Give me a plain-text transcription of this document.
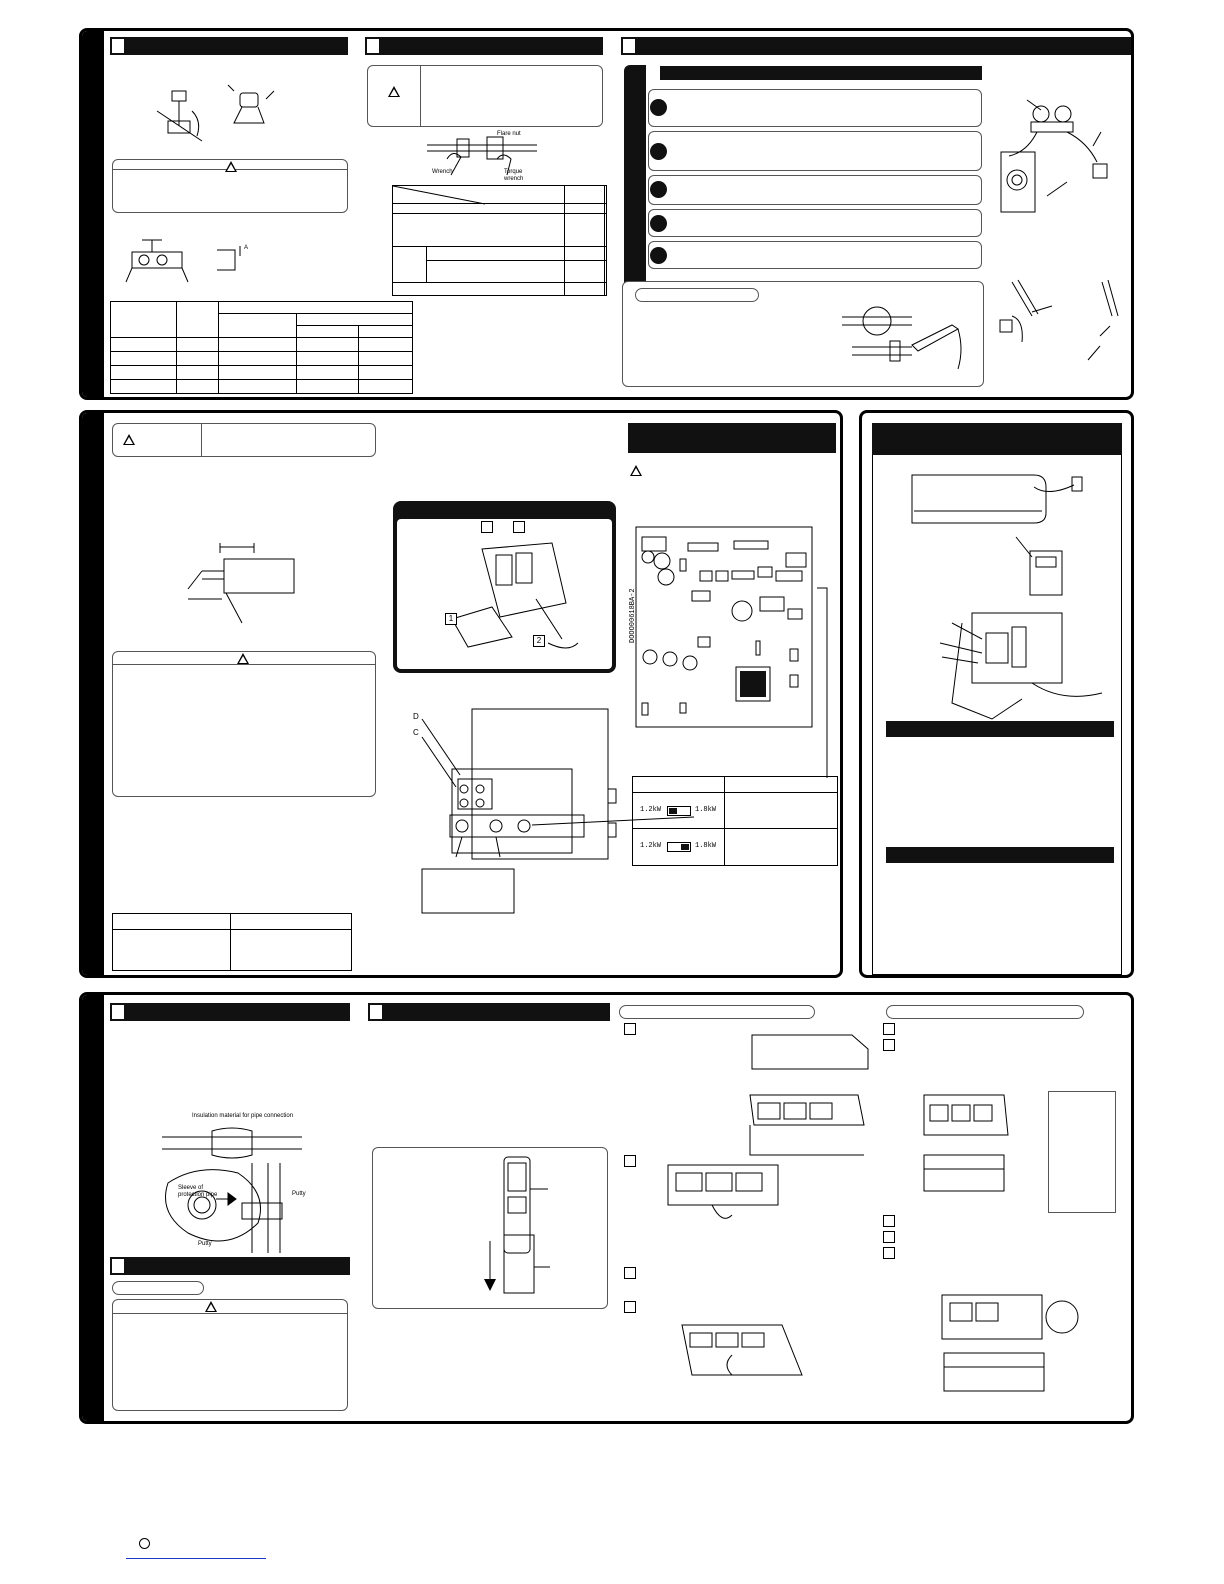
A

Flare nut
Wrench	Torque
wrench

1
2
D
C
DOOO00618BA-2

1.2kW 1.8kW	

1.2kW 1.8kW	

Insulation material for pipe connection
Sleeve of
protection pipe	Putty
Putty
